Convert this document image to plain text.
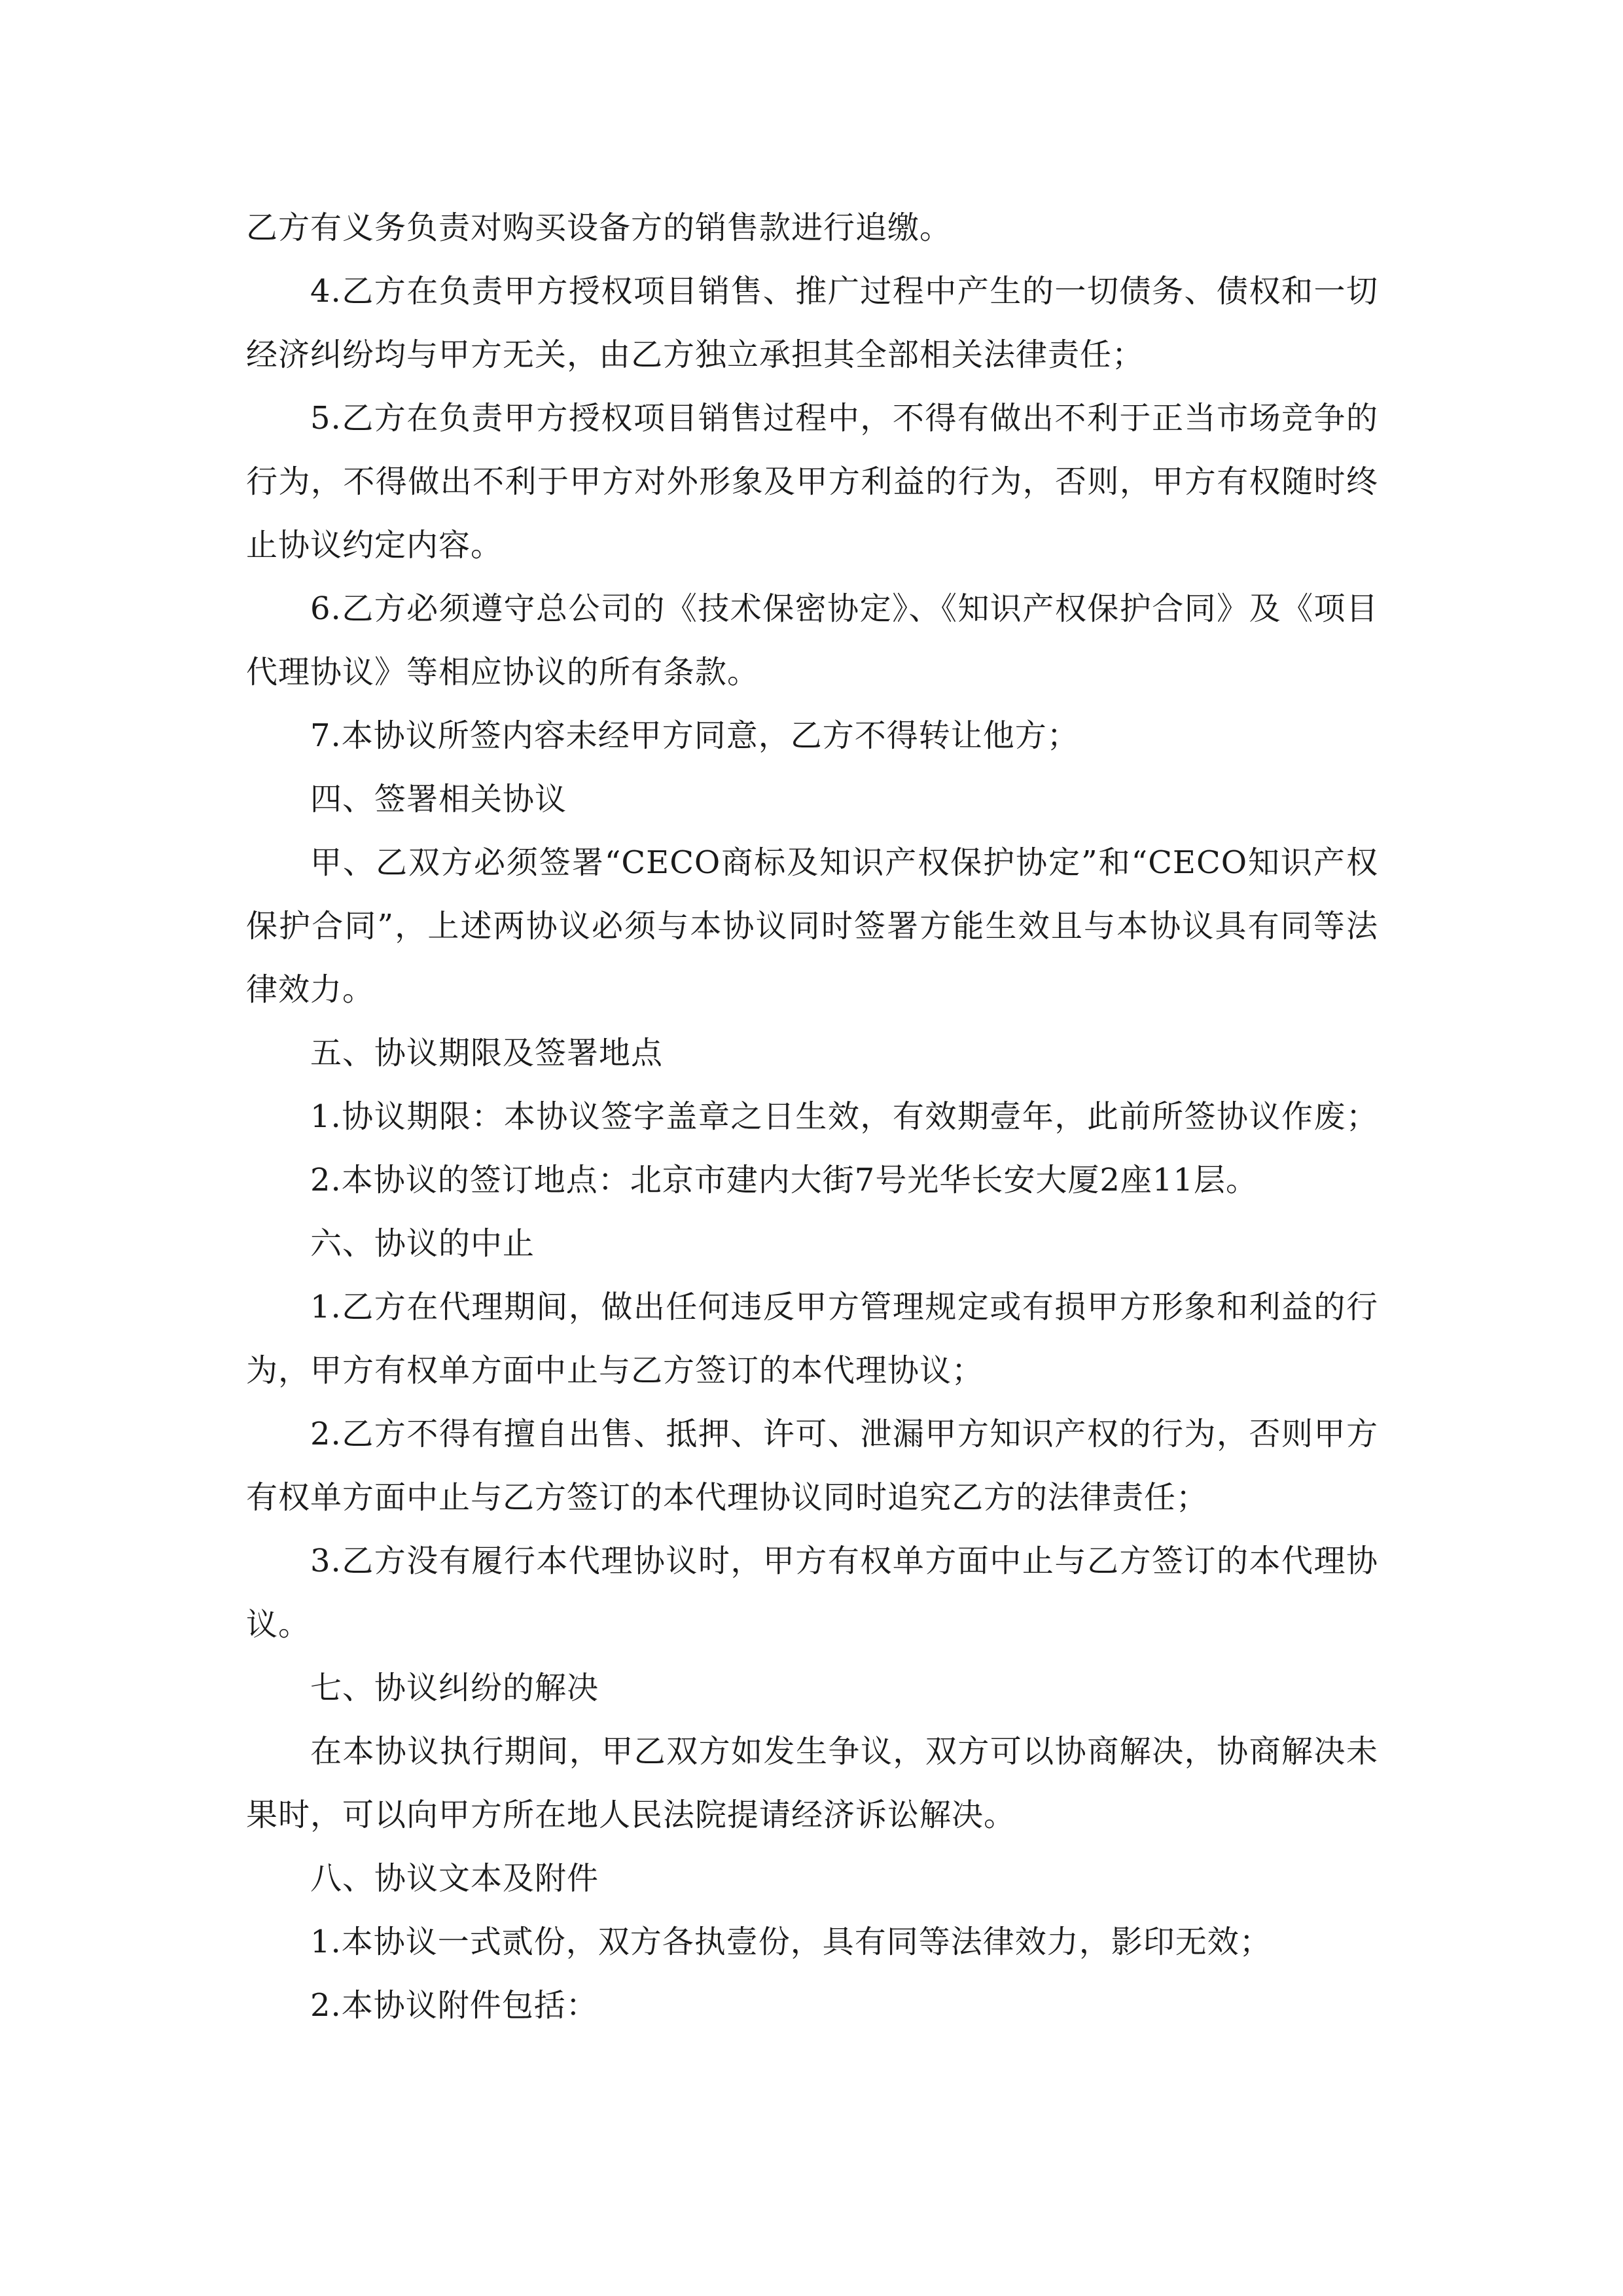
乙方有义务负责对购买设备方的销售款进行追缴。
4.乙方在负责甲方授权项目销售、推广过程中产生的一切债务、债权和一切
经济纠纷均与甲方无关，由乙方独立承担其全部相关法律责任；
5.乙方在负责甲方授权项目销售过程中，不得有做出不利于正当市场竞争的
行为，不得做出不利于甲方对外形象及甲方利益的行为，否则，甲方有权随时终
止协议约定内容。
6.乙方必须遵守总公司的《技术保密协定》、《知识产权保护合同》及《项目
代理协议》等相应协议的所有条款。
7.本协议所签内容未经甲方同意，乙方不得转让他方；
四、签署相关协议
甲、乙双方必须签署“CECO商标及知识产权保护协定”和“CECO知识产权
保护合同”，上述两协议必须与本协议同时签署方能生效且与本协议具有同等法
律效力。
五、协议期限及签署地点
1.协议期限：本协议签字盖章之日生效，有效期壹年，此前所签协议作废；
2.本协议的签订地点：北京市建内大街7号光华长安大厦2座11层。
六、协议的中止
1.乙方在代理期间，做出任何违反甲方管理规定或有损甲方形象和利益的行
为，甲方有权单方面中止与乙方签订的本代理协议；
2.乙方不得有擅自出售、抵押、许可、泄漏甲方知识产权的行为，否则甲方
有权单方面中止与乙方签订的本代理协议同时追究乙方的法律责任；
3.乙方没有履行本代理协议时，甲方有权单方面中止与乙方签订的本代理协
议。
七、协议纠纷的解决
在本协议执行期间，甲乙双方如发生争议，双方可以协商解决，协商解决未
果时，可以向甲方所在地人民法院提请经济诉讼解决。
八、协议文本及附件
1.本协议一式贰份，双方各执壹份，具有同等法律效力，影印无效；
2.本协议附件包括：
